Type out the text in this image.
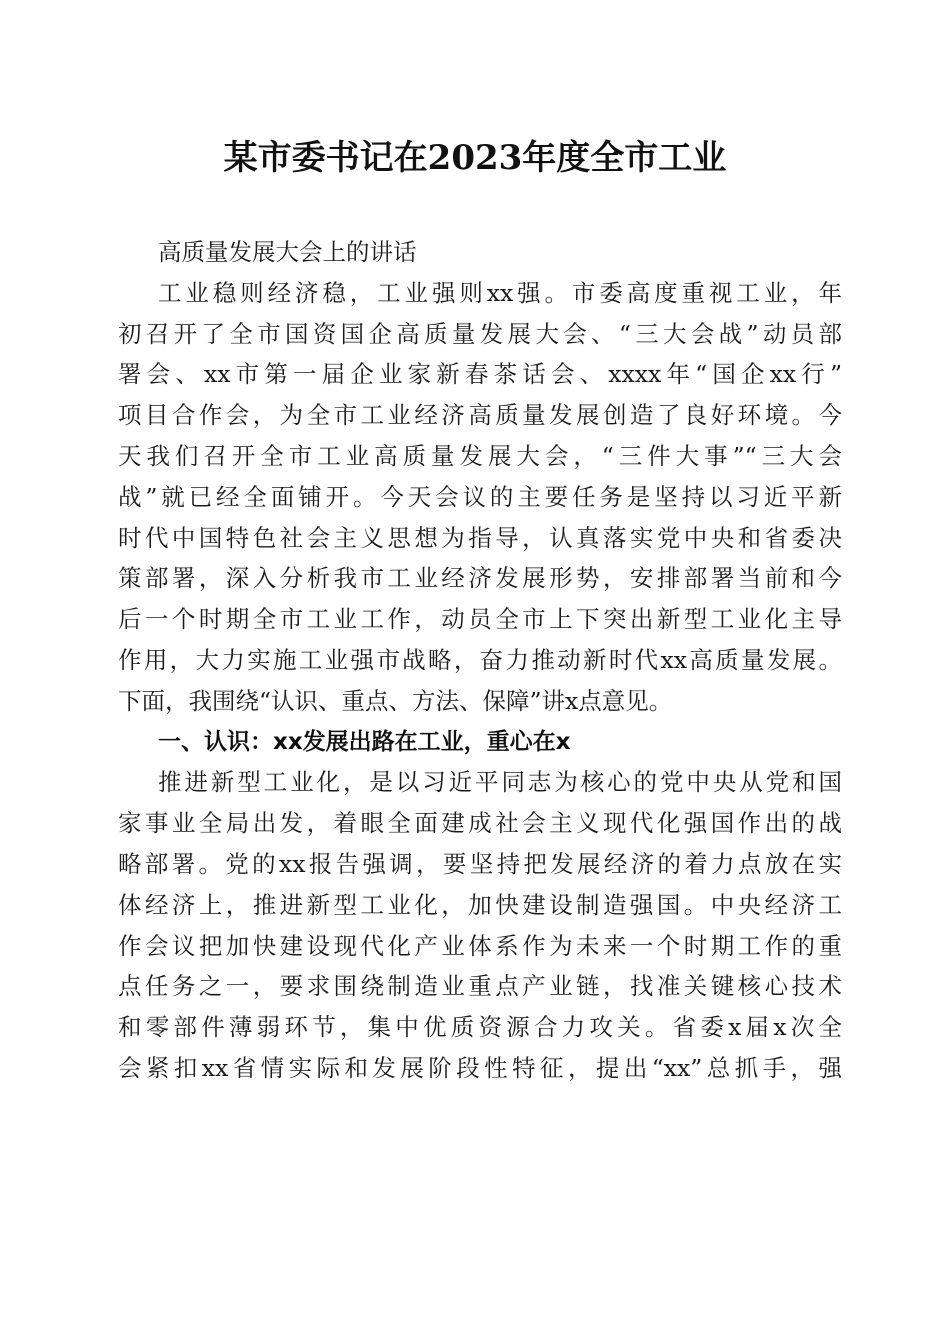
某市委书记在2023年度全市工业
高质量发展大会上的讲话
工业稳则经济稳，工业强则xx强。市委高度重视工业，年
初召开了全市国资国企高质量发展大会、“三大会战”动员部
署会、xx市第一届企业家新春茶话会、xxxx年“国企xx行”
项目合作会，为全市工业经济高质量发展创造了良好环境。今
天我们召开全市工业高质量发展大会，“三件大事”“三大会
战”就已经全面铺开。今天会议的主要任务是坚持以习近平新
时代中国特色社会主义思想为指导，认真落实党中央和省委决
策部署，深入分析我市工业经济发展形势，安排部署当前和今
后一个时期全市工业工作，动员全市上下突出新型工业化主导
作用，大力实施工业强市战略，奋力推动新时代xx高质量发展。
下面，我围绕“认识、重点、方法、保障”讲x点意见。
一、认识：xx发展出路在工业，重心在x
推进新型工业化，是以习近平同志为核心的党中央从党和国
家事业全局出发，着眼全面建成社会主义现代化强国作出的战
略部署。党的xx报告强调，要坚持把发展经济的着力点放在实
体经济上，推进新型工业化，加快建设制造强国。中央经济工
作会议把加快建设现代化产业体系作为未来一个时期工作的重
点任务之一，要求围绕制造业重点产业链，找准关键核心技术
和零部件薄弱环节，集中优质资源合力攻关。省委x届x次全
会紧扣xx省情实际和发展阶段性特征，提出“xx”总抓手，强
